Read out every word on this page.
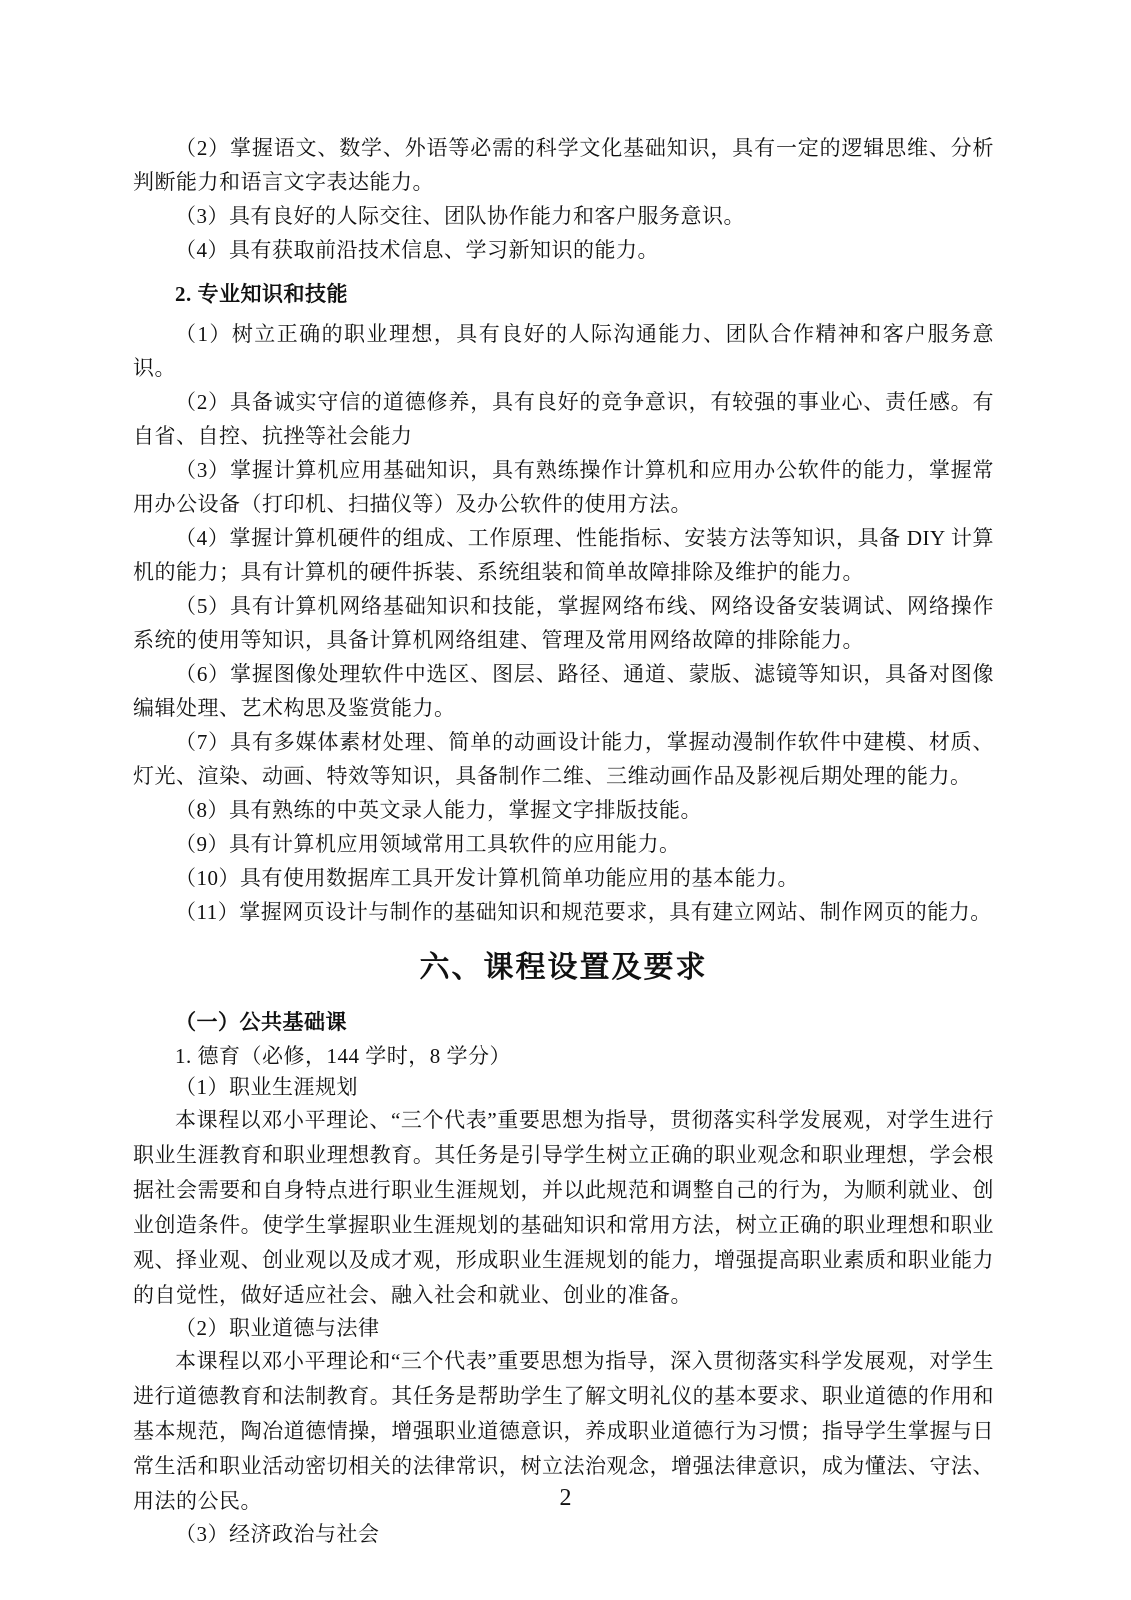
（2）掌握语文、数学、外语等必需的科学文化基础知识，具有一定的逻辑思维、分析判断能力和语言文字表达能力。
（3）具有良好的人际交往、团队协作能力和客户服务意识。
（4）具有获取前沿技术信息、学习新知识的能力。
2. 专业知识和技能
（1）树立正确的职业理想，具有良好的人际沟通能力、团队合作精神和客户服务意识。
（2）具备诚实守信的道德修养，具有良好的竞争意识，有较强的事业心、责任感。有自省、自控、抗挫等社会能力
（3）掌握计算机应用基础知识，具有熟练操作计算机和应用办公软件的能力，掌握常用办公设备（打印机、扫描仪等）及办公软件的使用方法。
（4）掌握计算机硬件的组成、工作原理、性能指标、安装方法等知识，具备 DIY 计算机的能力；具有计算机的硬件拆装、系统组装和简单故障排除及维护的能力。
（5）具有计算机网络基础知识和技能，掌握网络布线、网络设备安装调试、网络操作系统的使用等知识，具备计算机网络组建、管理及常用网络故障的排除能力。
（6）掌握图像处理软件中选区、图层、路径、通道、蒙版、滤镜等知识，具备对图像编辑处理、艺术构思及鉴赏能力。
（7）具有多媒体素材处理、简单的动画设计能力，掌握动漫制作软件中建模、材质、灯光、渲染、动画、特效等知识，具备制作二维、三维动画作品及影视后期处理的能力。
（8）具有熟练的中英文录人能力，掌握文字排版技能。
（9）具有计算机应用领域常用工具软件的应用能力。
（10）具有使用数据库工具开发计算机简单功能应用的基本能力。
（11）掌握网页设计与制作的基础知识和规范要求，具有建立网站、制作网页的能力。
六、课程设置及要求
（一）公共基础课
1. 德育（必修，144 学时，8 学分）
（1）职业生涯规划
本课程以邓小平理论、“三个代表”重要思想为指导，贯彻落实科学发展观，对学生进行职业生涯教育和职业理想教育。其任务是引导学生树立正确的职业观念和职业理想，学会根据社会需要和自身特点进行职业生涯规划，并以此规范和调整自己的行为，为顺利就业、创业创造条件。使学生掌握职业生涯规划的基础知识和常用方法，树立正确的职业理想和职业观、择业观、创业观以及成才观，形成职业生涯规划的能力，增强提高职业素质和职业能力的自觉性，做好适应社会、融入社会和就业、创业的准备。
（2）职业道德与法律
本课程以邓小平理论和“三个代表”重要思想为指导，深入贯彻落实科学发展观，对学生进行道德教育和法制教育。其任务是帮助学生了解文明礼仪的基本要求、职业道德的作用和基本规范，陶冶道德情操，增强职业道德意识，养成职业道德行为习惯；指导学生掌握与日常生活和职业活动密切相关的法律常识，树立法治观念，增强法律意识，成为懂法、守法、用法的公民。
（3）经济政治与社会
2
